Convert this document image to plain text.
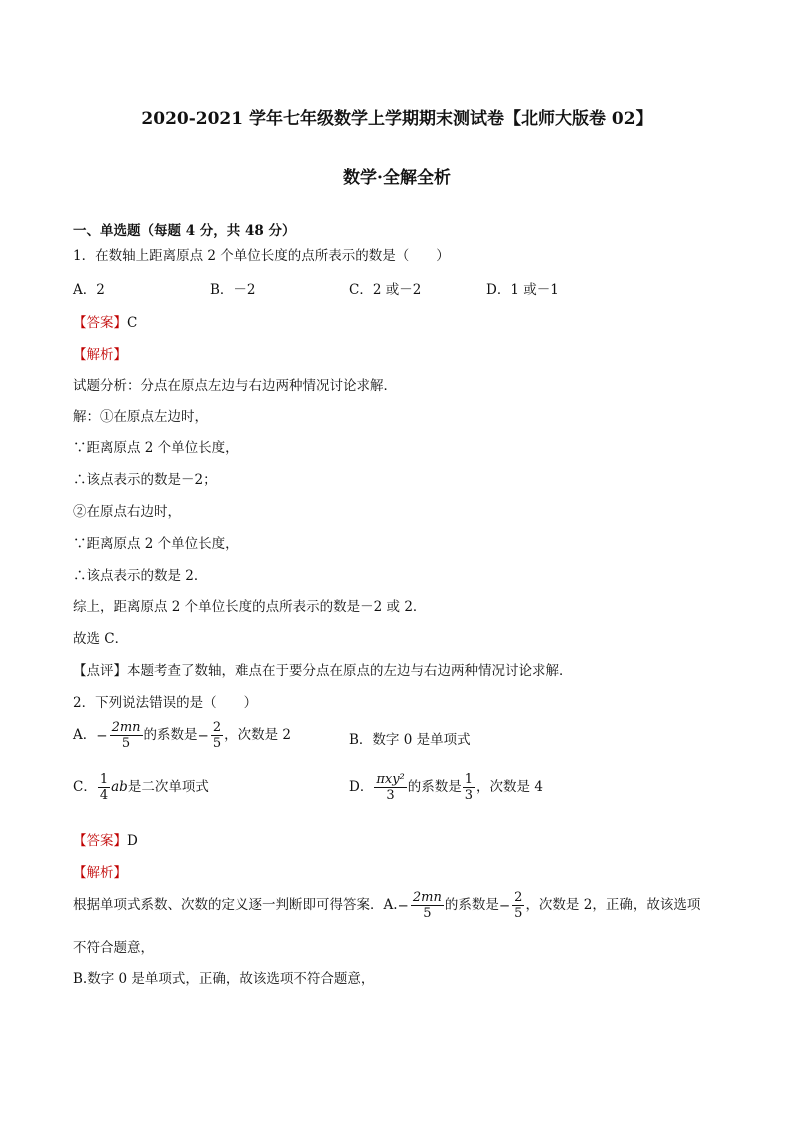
2020-2021 学年七年级数学上学期期末测试卷【北师大版卷 02】
数学·全解全析
一、单选题（每题 4 分，共 48 分）
1．在数轴上距离原点 2 个单位长度的点所表示的数是（　　）
A．2	B．－2	C．2 或－2	D．1 或－1
【答案】C
【解析】
试题分析：分点在原点左边与右边两种情况讨论求解．
解：①在原点左边时，
∵距离原点 2 个单位长度，
∴该点表示的数是－2；
②在原点右边时，
∵距离原点 2 个单位长度，
∴该点表示的数是 2．
综上，距离原点 2 个单位长度的点所表示的数是－2 或 2．
故选 C．
【点评】本题考查了数轴，难点在于要分点在原点的左边与右边两种情况讨论求解．
2．下列说法错误的是（　　）
A．− $\frac{2mn}{5}$ 的系数是− $\frac{2}{5}$ ，次数是 2	B．数字 0 是单项式
C． $\frac{1}{4}$ ab是二次单项式	D． $\frac{\text{πxy²}}{3}$ 的系数是 $\frac{1}{3}$ ，次数是 4
【答案】D
【解析】
根据单项式系数、次数的定义逐一判断即可得答案．$A.- \frac{2mn}{5}$ 的系数是− $\frac{2}{5}$ ，次数是 2，正确，故该选项
不符合题意，
B.数字 0 是单项式，正确，故该选项不符合题意，
